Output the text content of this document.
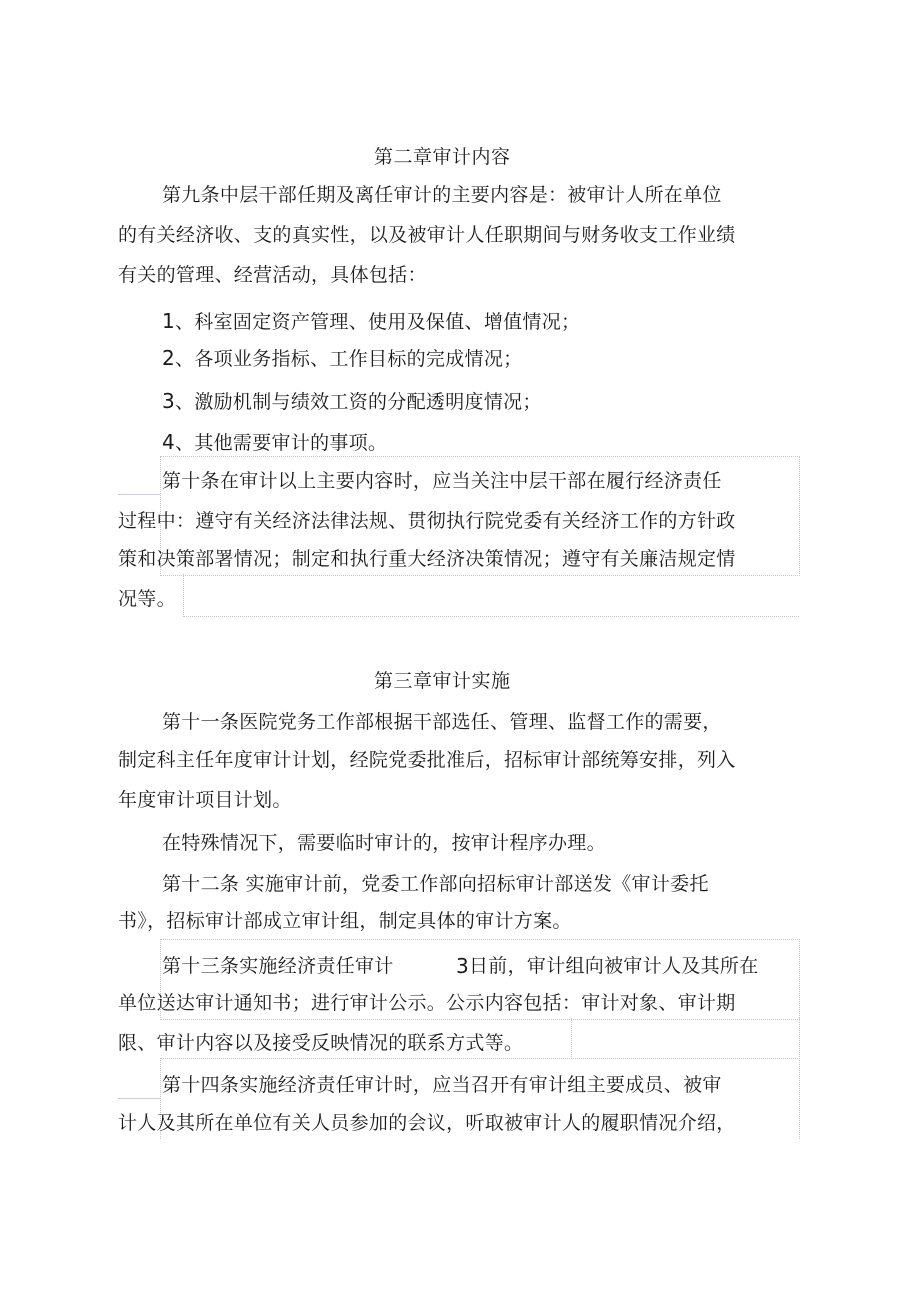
第二章审计内容
第九条中层干部任期及离任审计的主要内容是：被审计人所在单位
的有关经济收、支的真实性，以及被审计人任职期间与财务收支工作业绩
有关的管理、经营活动，具体包括：
1、科室固定资产管理、使用及保值、增值情况；
2、各项业务指标、工作目标的完成情况；
3、激励机制与绩效工资的分配透明度情况；
4、其他需要审计的事项。
第十条在审计以上主要内容时，应当关注中层干部在履行经济责任
过程中：遵守有关经济法律法规、贯彻执行院党委有关经济工作的方针政
策和决策部署情况；制定和执行重大经济决策情况；遵守有关廉洁规定情
况等。
第三章审计实施
第十一条医院党务工作部根据干部选任、管理、监督工作的需要，
制定科主任年度审计计划，经院党委批准后，招标审计部统筹安排，列入
年度审计项目计划。
在特殊情况下，需要临时审计的，按审计程序办理。
第十二条 实施审计前，党委工作部向招标审计部送发《审计委托
书》，招标审计部成立审计组，制定具体的审计方案。
第十三条实施经济责任审计	3 日前，审计组向被审计人及其所在
单位送达审计通知书；进行审计公示。公示内容包括：审计对象、审计期
限、审计内容以及接受反映情况的联系方式等。
第十四条实施经济责任审计时，应当召开有审计组主要成员、被审
计人及其所在单位有关人员参加的会议，听取被审计人的履职情况介绍，
